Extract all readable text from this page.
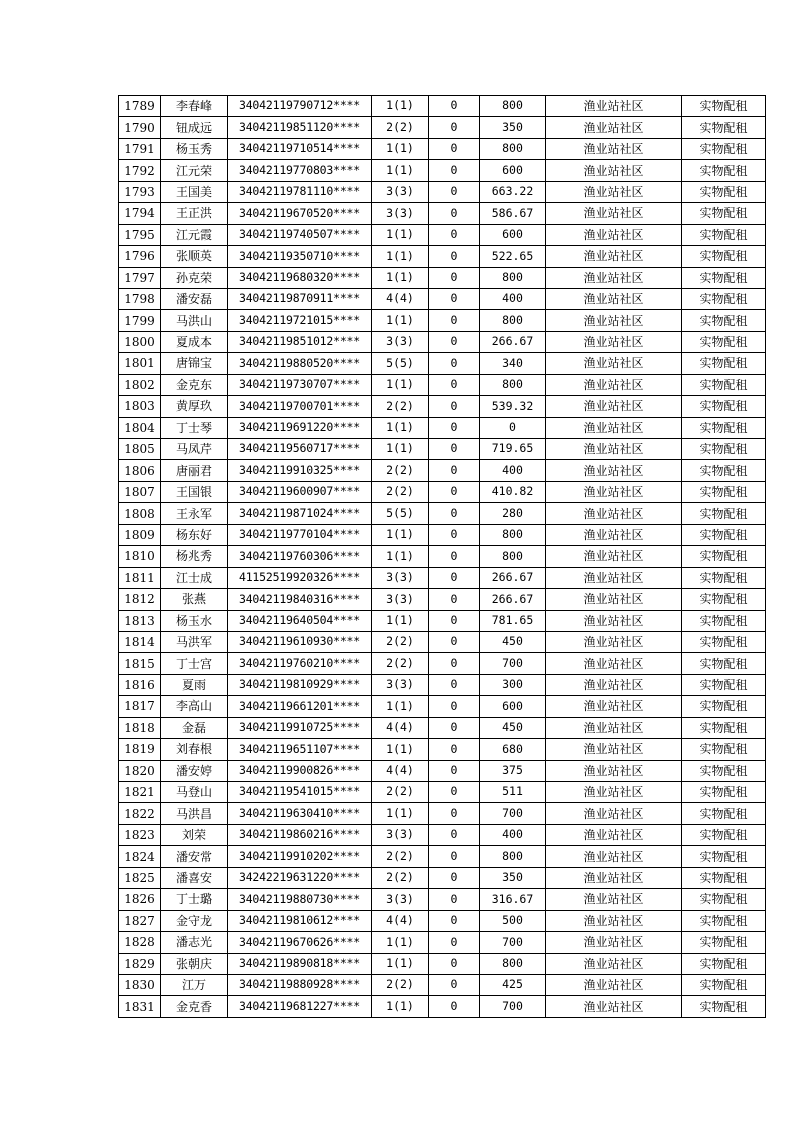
1789	李春峰	34042119790712****	1(1)	0	800	渔业站社区	实物配租
1790	钮成远	34042119851120****	2(2)	0	350	渔业站社区	实物配租
1791	杨玉秀	34042119710514****	1(1)	0	800	渔业站社区	实物配租
1792	江元荣	34042119770803****	1(1)	0	600	渔业站社区	实物配租
1793	王国美	34042119781110****	3(3)	0	663.22	渔业站社区	实物配租
1794	王正洪	34042119670520****	3(3)	0	586.67	渔业站社区	实物配租
1795	江元霞	34042119740507****	1(1)	0	600	渔业站社区	实物配租
1796	张顺英	34042119350710****	1(1)	0	522.65	渔业站社区	实物配租
1797	孙克荣	34042119680320****	1(1)	0	800	渔业站社区	实物配租
1798	潘安磊	34042119870911****	4(4)	0	400	渔业站社区	实物配租
1799	马洪山	34042119721015****	1(1)	0	800	渔业站社区	实物配租
1800	夏成本	34042119851012****	3(3)	0	266.67	渔业站社区	实物配租
1801	唐锦宝	34042119880520****	5(5)	0	340	渔业站社区	实物配租
1802	金克东	34042119730707****	1(1)	0	800	渔业站社区	实物配租
1803	黄厚玖	34042119700701****	2(2)	0	539.32	渔业站社区	实物配租
1804	丁士琴	34042119691220****	1(1)	0	0	渔业站社区	实物配租
1805	马凤芹	34042119560717****	1(1)	0	719.65	渔业站社区	实物配租
1806	唐丽君	34042119910325****	2(2)	0	400	渔业站社区	实物配租
1807	王国银	34042119600907****	2(2)	0	410.82	渔业站社区	实物配租
1808	王永军	34042119871024****	5(5)	0	280	渔业站社区	实物配租
1809	杨东好	34042119770104****	1(1)	0	800	渔业站社区	实物配租
1810	杨兆秀	34042119760306****	1(1)	0	800	渔业站社区	实物配租
1811	江士成	41152519920326****	3(3)	0	266.67	渔业站社区	实物配租
1812	张燕	34042119840316****	3(3)	0	266.67	渔业站社区	实物配租
1813	杨玉水	34042119640504****	1(1)	0	781.65	渔业站社区	实物配租
1814	马洪军	34042119610930****	2(2)	0	450	渔业站社区	实物配租
1815	丁士宫	34042119760210****	2(2)	0	700	渔业站社区	实物配租
1816	夏雨	34042119810929****	3(3)	0	300	渔业站社区	实物配租
1817	李高山	34042119661201****	1(1)	0	600	渔业站社区	实物配租
1818	金磊	34042119910725****	4(4)	0	450	渔业站社区	实物配租
1819	刘春根	34042119651107****	1(1)	0	680	渔业站社区	实物配租
1820	潘安婷	34042119900826****	4(4)	0	375	渔业站社区	实物配租
1821	马登山	34042119541015****	2(2)	0	511	渔业站社区	实物配租
1822	马洪昌	34042119630410****	1(1)	0	700	渔业站社区	实物配租
1823	刘荣	34042119860216****	3(3)	0	400	渔业站社区	实物配租
1824	潘安常	34042119910202****	2(2)	0	800	渔业站社区	实物配租
1825	潘喜安	34242219631220****	2(2)	0	350	渔业站社区	实物配租
1826	丁士璐	34042119880730****	3(3)	0	316.67	渔业站社区	实物配租
1827	金守龙	34042119810612****	4(4)	0	500	渔业站社区	实物配租
1828	潘志光	34042119670626****	1(1)	0	700	渔业站社区	实物配租
1829	张朝庆	34042119890818****	1(1)	0	800	渔业站社区	实物配租
1830	江万	34042119880928****	2(2)	0	425	渔业站社区	实物配租
1831	金克香	34042119681227****	1(1)	0	700	渔业站社区	实物配租
